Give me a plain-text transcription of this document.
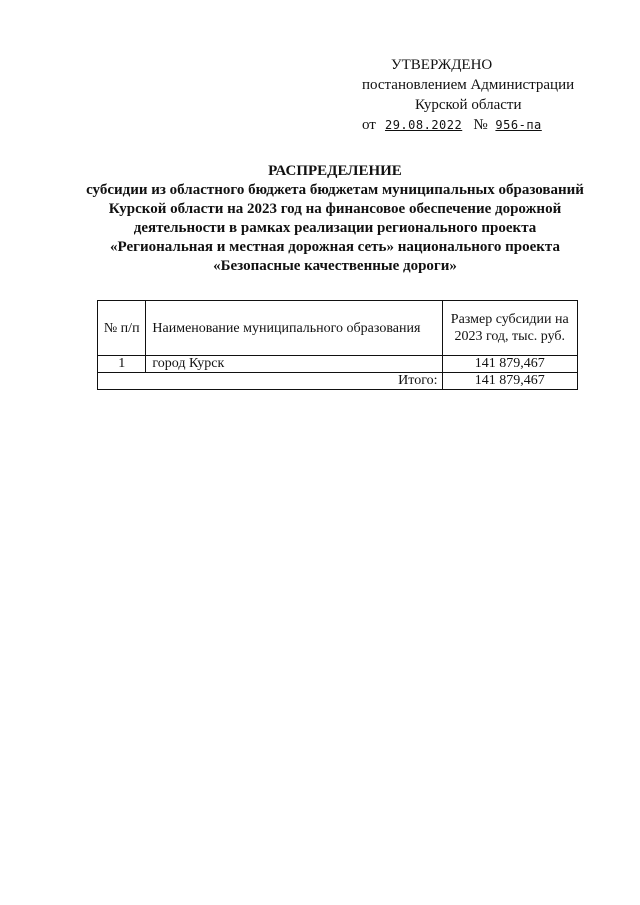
УТВЕРЖДЕНО
постановлением Администрации
Курской области
от 29.08.2022 № 956-па
РАСПРЕДЕЛЕНИЕ
субсидии из областного бюджета бюджетам муниципальных образований Курской области на 2023 год на финансовое обеспечение дорожной деятельности в рамках реализации регионального проекта «Региональная и местная дорожная сеть» национального проекта «Безопасные качественные дороги»
№ п/п	Наименование муниципального образования	Размер субсидии на 2023 год, тыс. руб.
1	город Курск	141 879,467
Итого:		141 879,467
